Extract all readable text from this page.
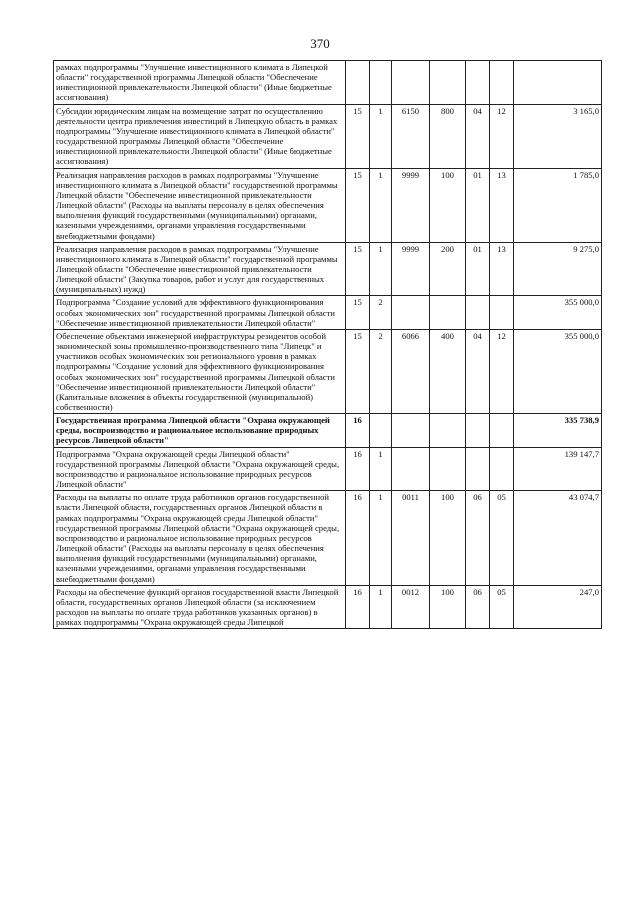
370
рамках подпрограммы "Улучшение инвестиционного климата в Липецкой области" государственной программы Липецкой области "Обеспечение инвестиционной привлекательности Липецкой области" (Иные бюджетные ассигнования)							
Субсидии юридическим лицам на возмещение затрат по осуществлению деятельности центра привлечения инвестиций в Липецкую область в рамках подпрограммы "Улучшение инвестиционного климата в Липецкой области" государственной программы Липецкой области "Обеспечение инвестиционной привлекательности Липецкой области" (Иные бюджетные ассигнования)	15	1	6150	800	04	12	3 165,0
Реализация направления расходов в рамках подпрограммы "Улучшение инвестиционного климата в Липецкой области" государственной программы Липецкой области "Обеспечение инвестиционной привлекательности Липецкой области" (Расходы на выплаты персоналу в целях обеспечения выполнения функций государственными (муниципальными) органами, казенными учреждениями, органами управления государственными внебюджетными фондами)	15	1	9999	100	01	13	1 785,0
Реализация направления расходов в рамках подпрограммы "Улучшение инвестиционного климата в Липецкой области" государственной программы Липецкой области "Обеспечение инвестиционной привлекательности Липецкой области" (Закупка товаров, работ и услуг для государственных (муниципальных) нужд)	15	1	9999	200	01	13	9 275,0
Подпрограмма "Создание условий для эффективного функционирования особых экономических зон" государственной программы Липецкой области "Обеспечение инвестиционной привлекательности Липецкой области"	15	2					355 000,0
Обеспечение объектами инженерной инфраструктуры резидентов особой экономической зоны промышленно-производственного типа "Липецк" и участников особых экономических зон регионального уровня в рамках подпрограммы "Создание условий для эффективного функционирования особых экономических зон" государственной программы Липецкой области "Обеспечение инвестиционной привлекательности Липецкой области" (Капитальные вложения в объекты государственной (муниципальной) собственности)	15	2	6066	400	04	12	355 000,0
Государственная программа Липецкой области "Охрана окружающей среды, воспроизводство и рациональное использование природных ресурсов Липецкой области"	16						335 738,9
Подпрограмма "Охрана окружающей среды Липецкой области" государственной программы Липецкой области "Охрана окружающей среды, воспроизводство и рациональное использование природных ресурсов Липецкой области"	16	1					139 147,7
Расходы на выплаты по оплате труда работников органов государственной власти Липецкой области, государственных органов Липецкой области в рамках подпрограммы "Охрана окружающей среды Липецкой области" государственной программы Липецкой области "Охрана окружающей среды, воспроизводство и рациональное использование природных ресурсов Липецкой области" (Расходы на выплаты персоналу в целях обеспечения выполнения функций государственными (муниципальными) органами, казенными учреждениями, органами управления государственными внебюджетными фондами)	16	1	0011	100	06	05	43 074,7
Расходы на обеспечение функций органов государственной власти Липецкой области, государственных органов Липецкой области (за исключением расходов на выплаты по оплате труда работников указанных органов) в рамках подпрограммы "Охрана окружающей среды Липецкой	16	1	0012	100	06	05	247,0
